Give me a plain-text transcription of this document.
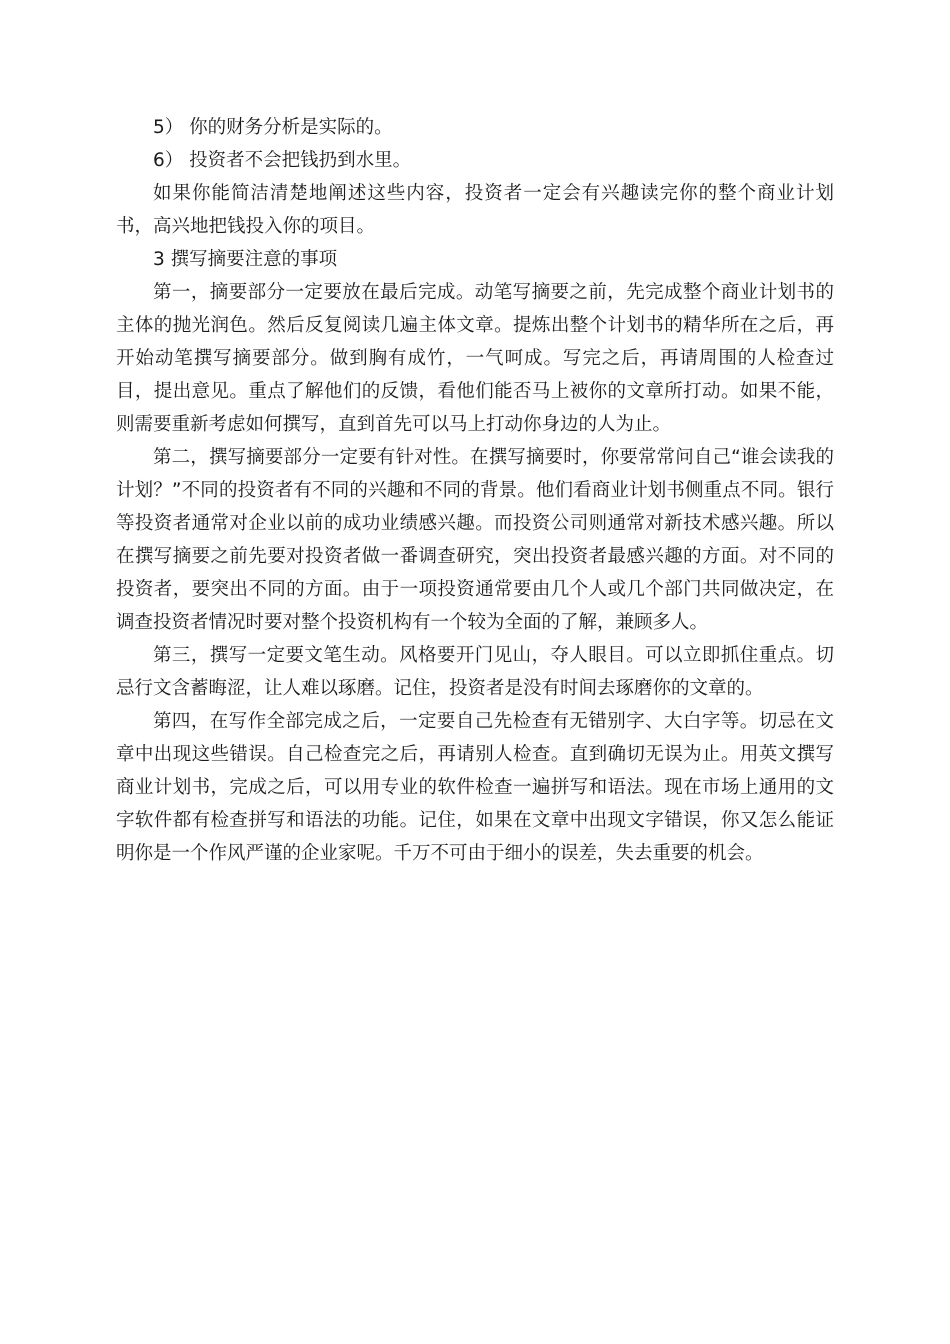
5） 你的财务分析是实际的。

6） 投资者不会把钱扔到水里。

如果你能简洁清楚地阐述这些内容，投资者一定会有兴趣读完你的整个商业计划书，高兴地把钱投入你的项目。

3 撰写摘要注意的事项

第一，摘要部分一定要放在最后完成。动笔写摘要之前，先完成整个商业计划书的主体的抛光润色。然后反复阅读几遍主体文章。提炼出整个计划书的精华所在之后，再开始动笔撰写摘要部分。做到胸有成竹，一气呵成。写完之后，再请周围的人检查过目，提出意见。重点了解他们的反馈，看他们能否马上被你的文章所打动。如果不能，则需要重新考虑如何撰写，直到首先可以马上打动你身边的人为止。

第二，撰写摘要部分一定要有针对性。在撰写摘要时，你要常常问自己“谁会读我的计划？”不同的投资者有不同的兴趣和不同的背景。他们看商业计划书侧重点不同。银行等投资者通常对企业以前的成功业绩感兴趣。而投资公司则通常对新技术感兴趣。所以在撰写摘要之前先要对投资者做一番调查研究，突出投资者最感兴趣的方面。对不同的投资者，要突出不同的方面。由于一项投资通常要由几个人或几个部门共同做决定，在调查投资者情况时要对整个投资机构有一个较为全面的了解，兼顾多人。

第三，撰写一定要文笔生动。风格要开门见山，夺人眼目。可以立即抓住重点。切忌行文含蓄晦涩，让人难以琢磨。记住，投资者是没有时间去琢磨你的文章的。

第四，在写作全部完成之后，一定要自己先检查有无错别字、大白字等。切忌在文章中出现这些错误。自己检查完之后，再请别人检查。直到确切无误为止。用英文撰写商业计划书，完成之后，可以用专业的软件检查一遍拼写和语法。现在市场上通用的文字软件都有检查拼写和语法的功能。记住，如果在文章中出现文字错误，你又怎么能证明你是一个作风严谨的企业家呢。千万不可由于细小的误差，失去重要的机会。
